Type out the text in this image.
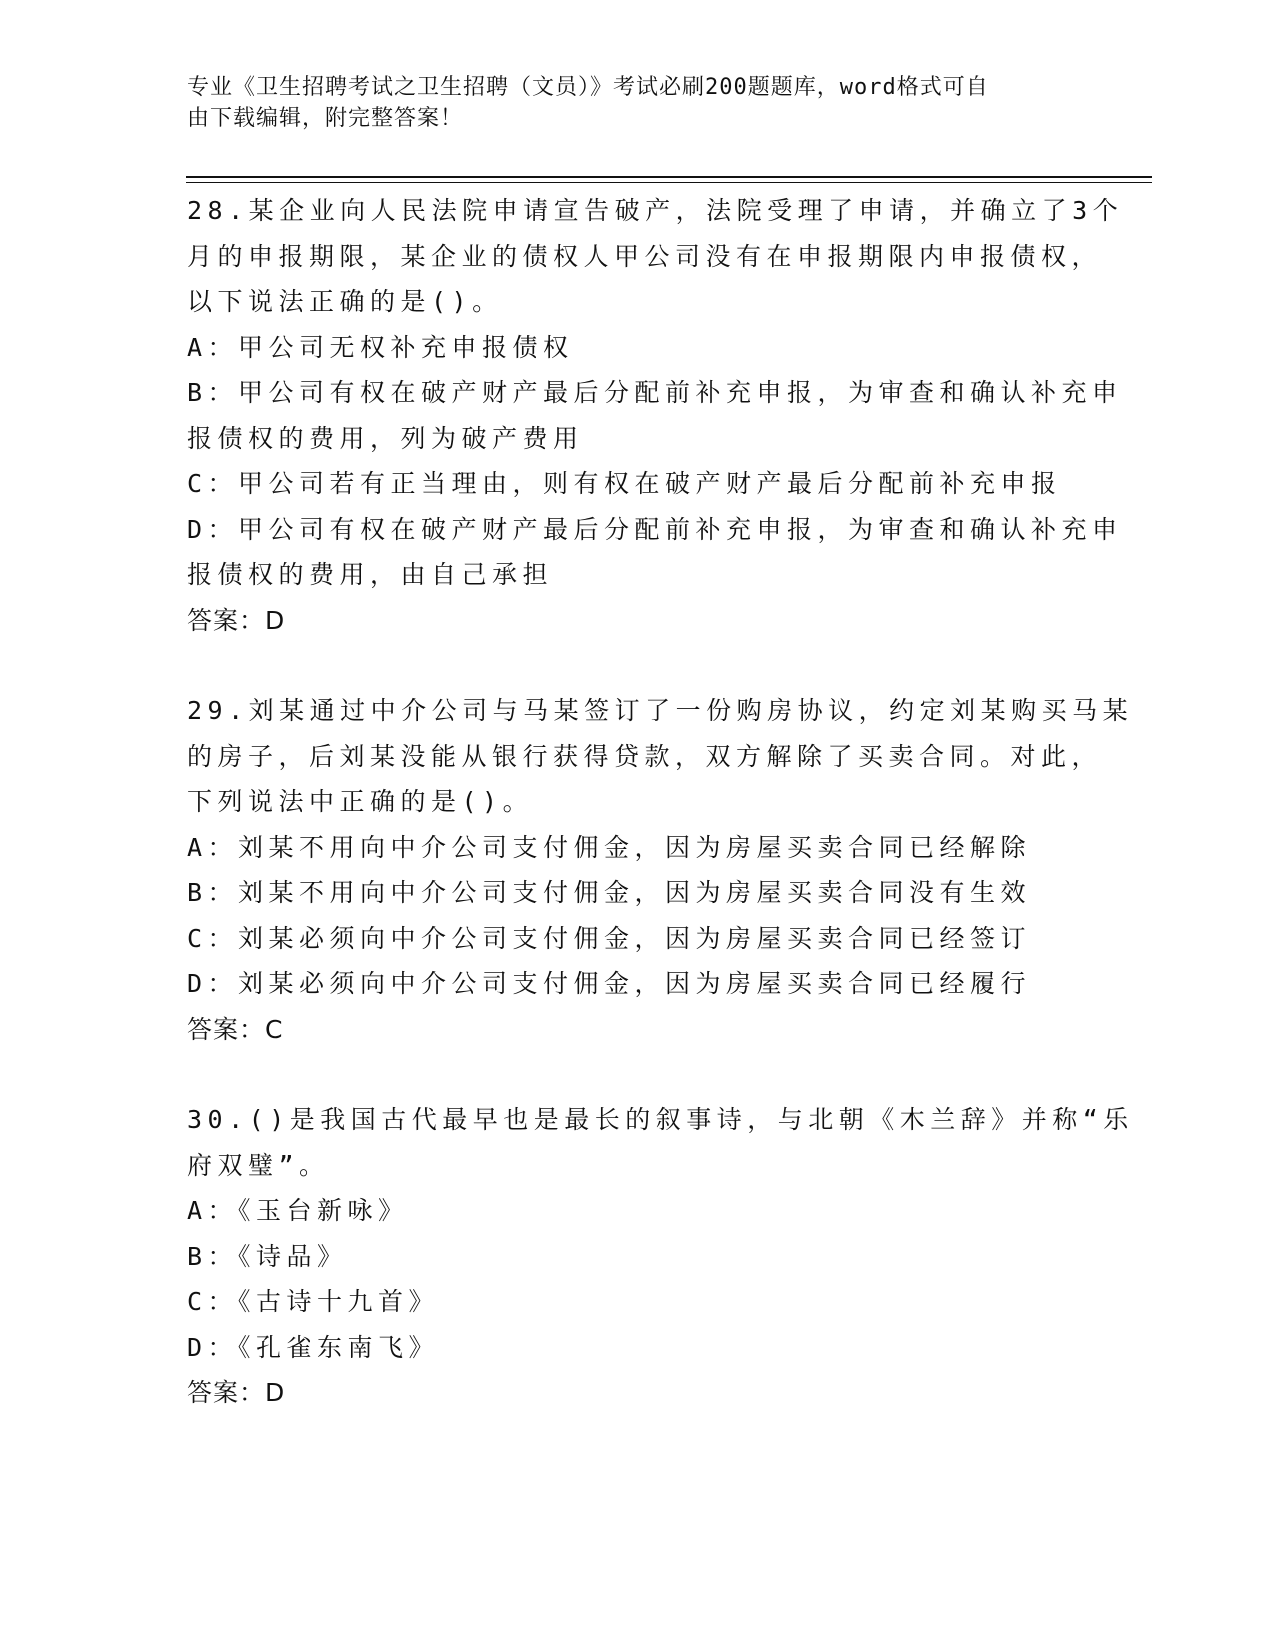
专业《卫生招聘考试之卫生招聘（文员）》考试必刷200题题库，word格式可自
由下载编辑，附完整答案！
28.某企业向人民法院申请宣告破产，法院受理了申请，并确立了3个
月的申报期限，某企业的债权人甲公司没有在申报期限内申报债权，
以下说法正确的是()。
A：甲公司无权补充申报债权
B：甲公司有权在破产财产最后分配前补充申报，为审查和确认补充申
报债权的费用，列为破产费用
C：甲公司若有正当理由，则有权在破产财产最后分配前补充申报
D：甲公司有权在破产财产最后分配前补充申报，为审查和确认补充申
报债权的费用，由自己承担
答案：D
29.刘某通过中介公司与马某签订了一份购房协议，约定刘某购买马某
的房子，后刘某没能从银行获得贷款，双方解除了买卖合同。对此，
下列说法中正确的是()。
A：刘某不用向中介公司支付佣金，因为房屋买卖合同已经解除
B：刘某不用向中介公司支付佣金，因为房屋买卖合同没有生效
C：刘某必须向中介公司支付佣金，因为房屋买卖合同已经签订
D：刘某必须向中介公司支付佣金，因为房屋买卖合同已经履行
答案：C
30.()是我国古代最早也是最长的叙事诗，与北朝《木兰辞》并称“乐
府双璧”。
A：《玉台新咏》
B：《诗品》
C：《古诗十九首》
D：《孔雀东南飞》
答案：D
